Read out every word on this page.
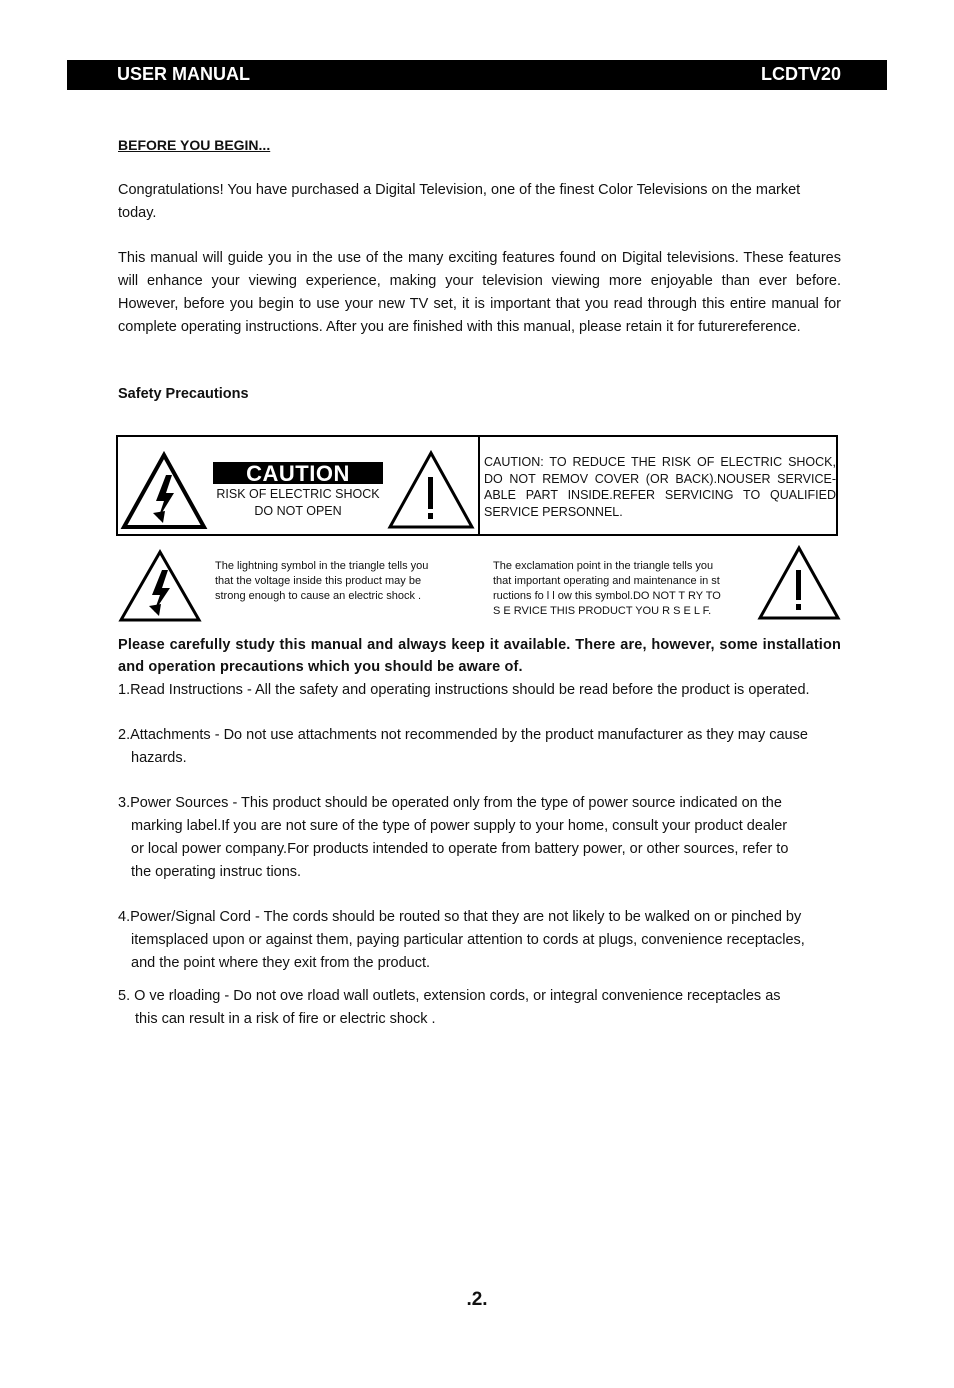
USER MANUAL	LCDTV20
BEFORE YOU BEGIN...
Congratulations! You have purchased a Digital Television, one of the finest Color Televisions on the market today.
This manual will guide you in the use of the many exciting features found on Digital televisions. These features will enhance your viewing experience, making your television viewing more enjoyable than ever before. However, before you begin to use your new TV set, it is important that you read through this entire manual for complete operating instructions. After you are finished with this manual, please retain it for futurereference.
Safety Precautions
CAUTION
RISK OF ELECTRIC SHOCK
DO NOT OPEN
CAUTION: TO REDUCE THE RISK OF ELECTRIC SHOCK, DO NOT REMOV COVER (OR BACK).NOUSER SERVICE-ABLE PART INSIDE.REFER SERVICING TO QUALIFIED SERVICE PERSONNEL.
The lightning symbol in the triangle tells you
that the voltage inside this product may be
strong enough to cause an electric shock .
The exclamation point in the triangle tells you
that important operating and maintenance in st
ructions fo l l ow this symbol.DO NOT T RY TO
S E RVICE THIS PRODUCT YOU R S E L F.
Please carefully study this manual and always keep it available. There are, however, some installation and operation precautions which you should be aware of.
1.Read Instructions - All the safety and operating instructions should be read before the product is operated.
2.Attachments - Do not use attachments not recommended by the product manufacturer as they may cause
hazards.
3.Power Sources - This product should be operated only from the type of power source indicated on the
marking label.If you are not sure of the type of power supply to your home, consult your product dealer
or local power company.For products intended to operate from battery power, or other sources, refer to
the operating instruc tions.
4.Power/Signal Cord - The cords should be routed so that they are not likely to be walked on or pinched by
itemsplaced upon or against them, paying particular attention to cords at plugs, convenience receptacles,
and the point where they exit from the product.
5. O ve rloading - Do not ove rload wall outlets, extension cords, or integral convenience receptacles as
this can result in a risk of fire or electric shock .
.2.
